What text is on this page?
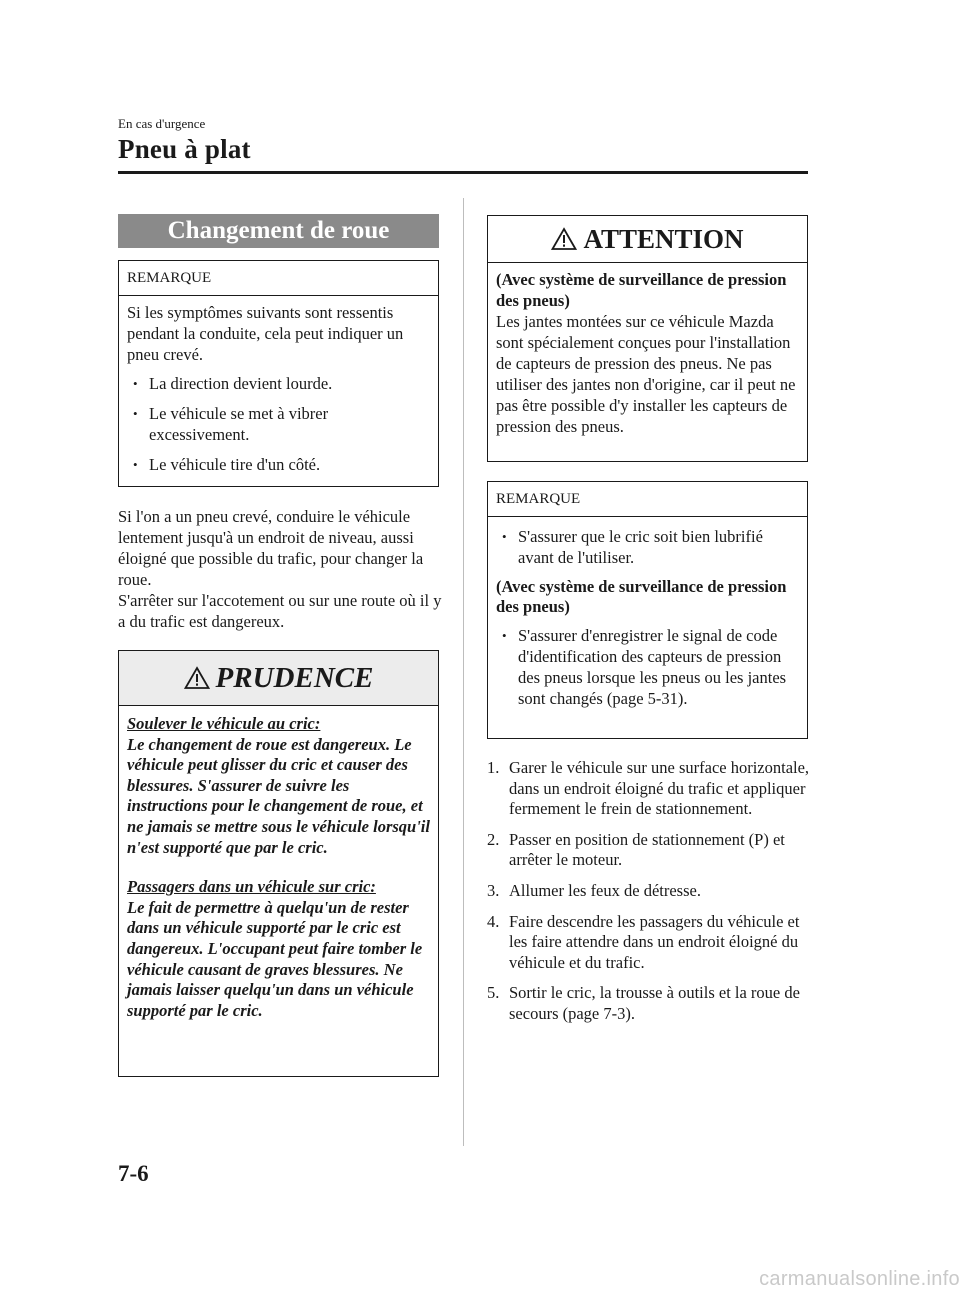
En cas d'urgence
Pneu à plat
Changement de roue
REMARQUE

Si les symptômes suivants sont ressentis pendant la conduite, cela peut indiquer un pneu crevé.

• La direction devient lourde.
• Le véhicule se met à vibrer excessivement.
• Le véhicule tire d'un côté.

Si l'on a un pneu crevé, conduire le véhicule lentement jusqu'à un endroit de niveau, aussi éloigné que possible du trafic, pour changer la roue.

S'arrêter sur l'accotement ou sur une route où il y a du trafic est dangereux.

PRUDENCE
Soulever le véhicule au cric:
Le changement de roue est dangereux. Le véhicule peut glisser du cric et causer des blessures. S'assurer de suivre les instructions pour le changement de roue, et ne jamais se mettre sous le véhicule lorsqu'il n'est supporté que par le cric.
Passagers dans un véhicule sur cric:
Le fait de permettre à quelqu'un de rester dans un véhicule supporté par le cric est dangereux. L'occupant peut faire tomber le véhicule causant de graves blessures. Ne jamais laisser quelqu'un dans un véhicule supporté par le cric.
ATTENTION
(Avec système de surveillance de pression des pneus)
Les jantes montées sur ce véhicule Mazda sont spécialement conçues pour l'installation de capteurs de pression des pneus. Ne pas utiliser des jantes non d'origine, car il peut ne pas être possible d'y installer les capteurs de pression des pneus.
REMARQUE
• S'assurer que le cric soit bien lubrifié avant de l'utiliser.
(Avec système de surveillance de pression des pneus)
• S'assurer d'enregistrer le signal de code d'identification des capteurs de pression des pneus lorsque les pneus ou les jantes sont changés (page 5-31).
1. Garer le véhicule sur une surface horizontale, dans un endroit éloigné du trafic et appliquer fermement le frein de stationnement.
2. Passer en position de stationnement (P) et arrêter le moteur.
3. Allumer les feux de détresse.
4. Faire descendre les passagers du véhicule et les faire attendre dans un endroit éloigné du véhicule et du trafic.
5. Sortir le cric, la trousse à outils et la roue de secours (page 7-3).
7-6
carmanualsonline.info
